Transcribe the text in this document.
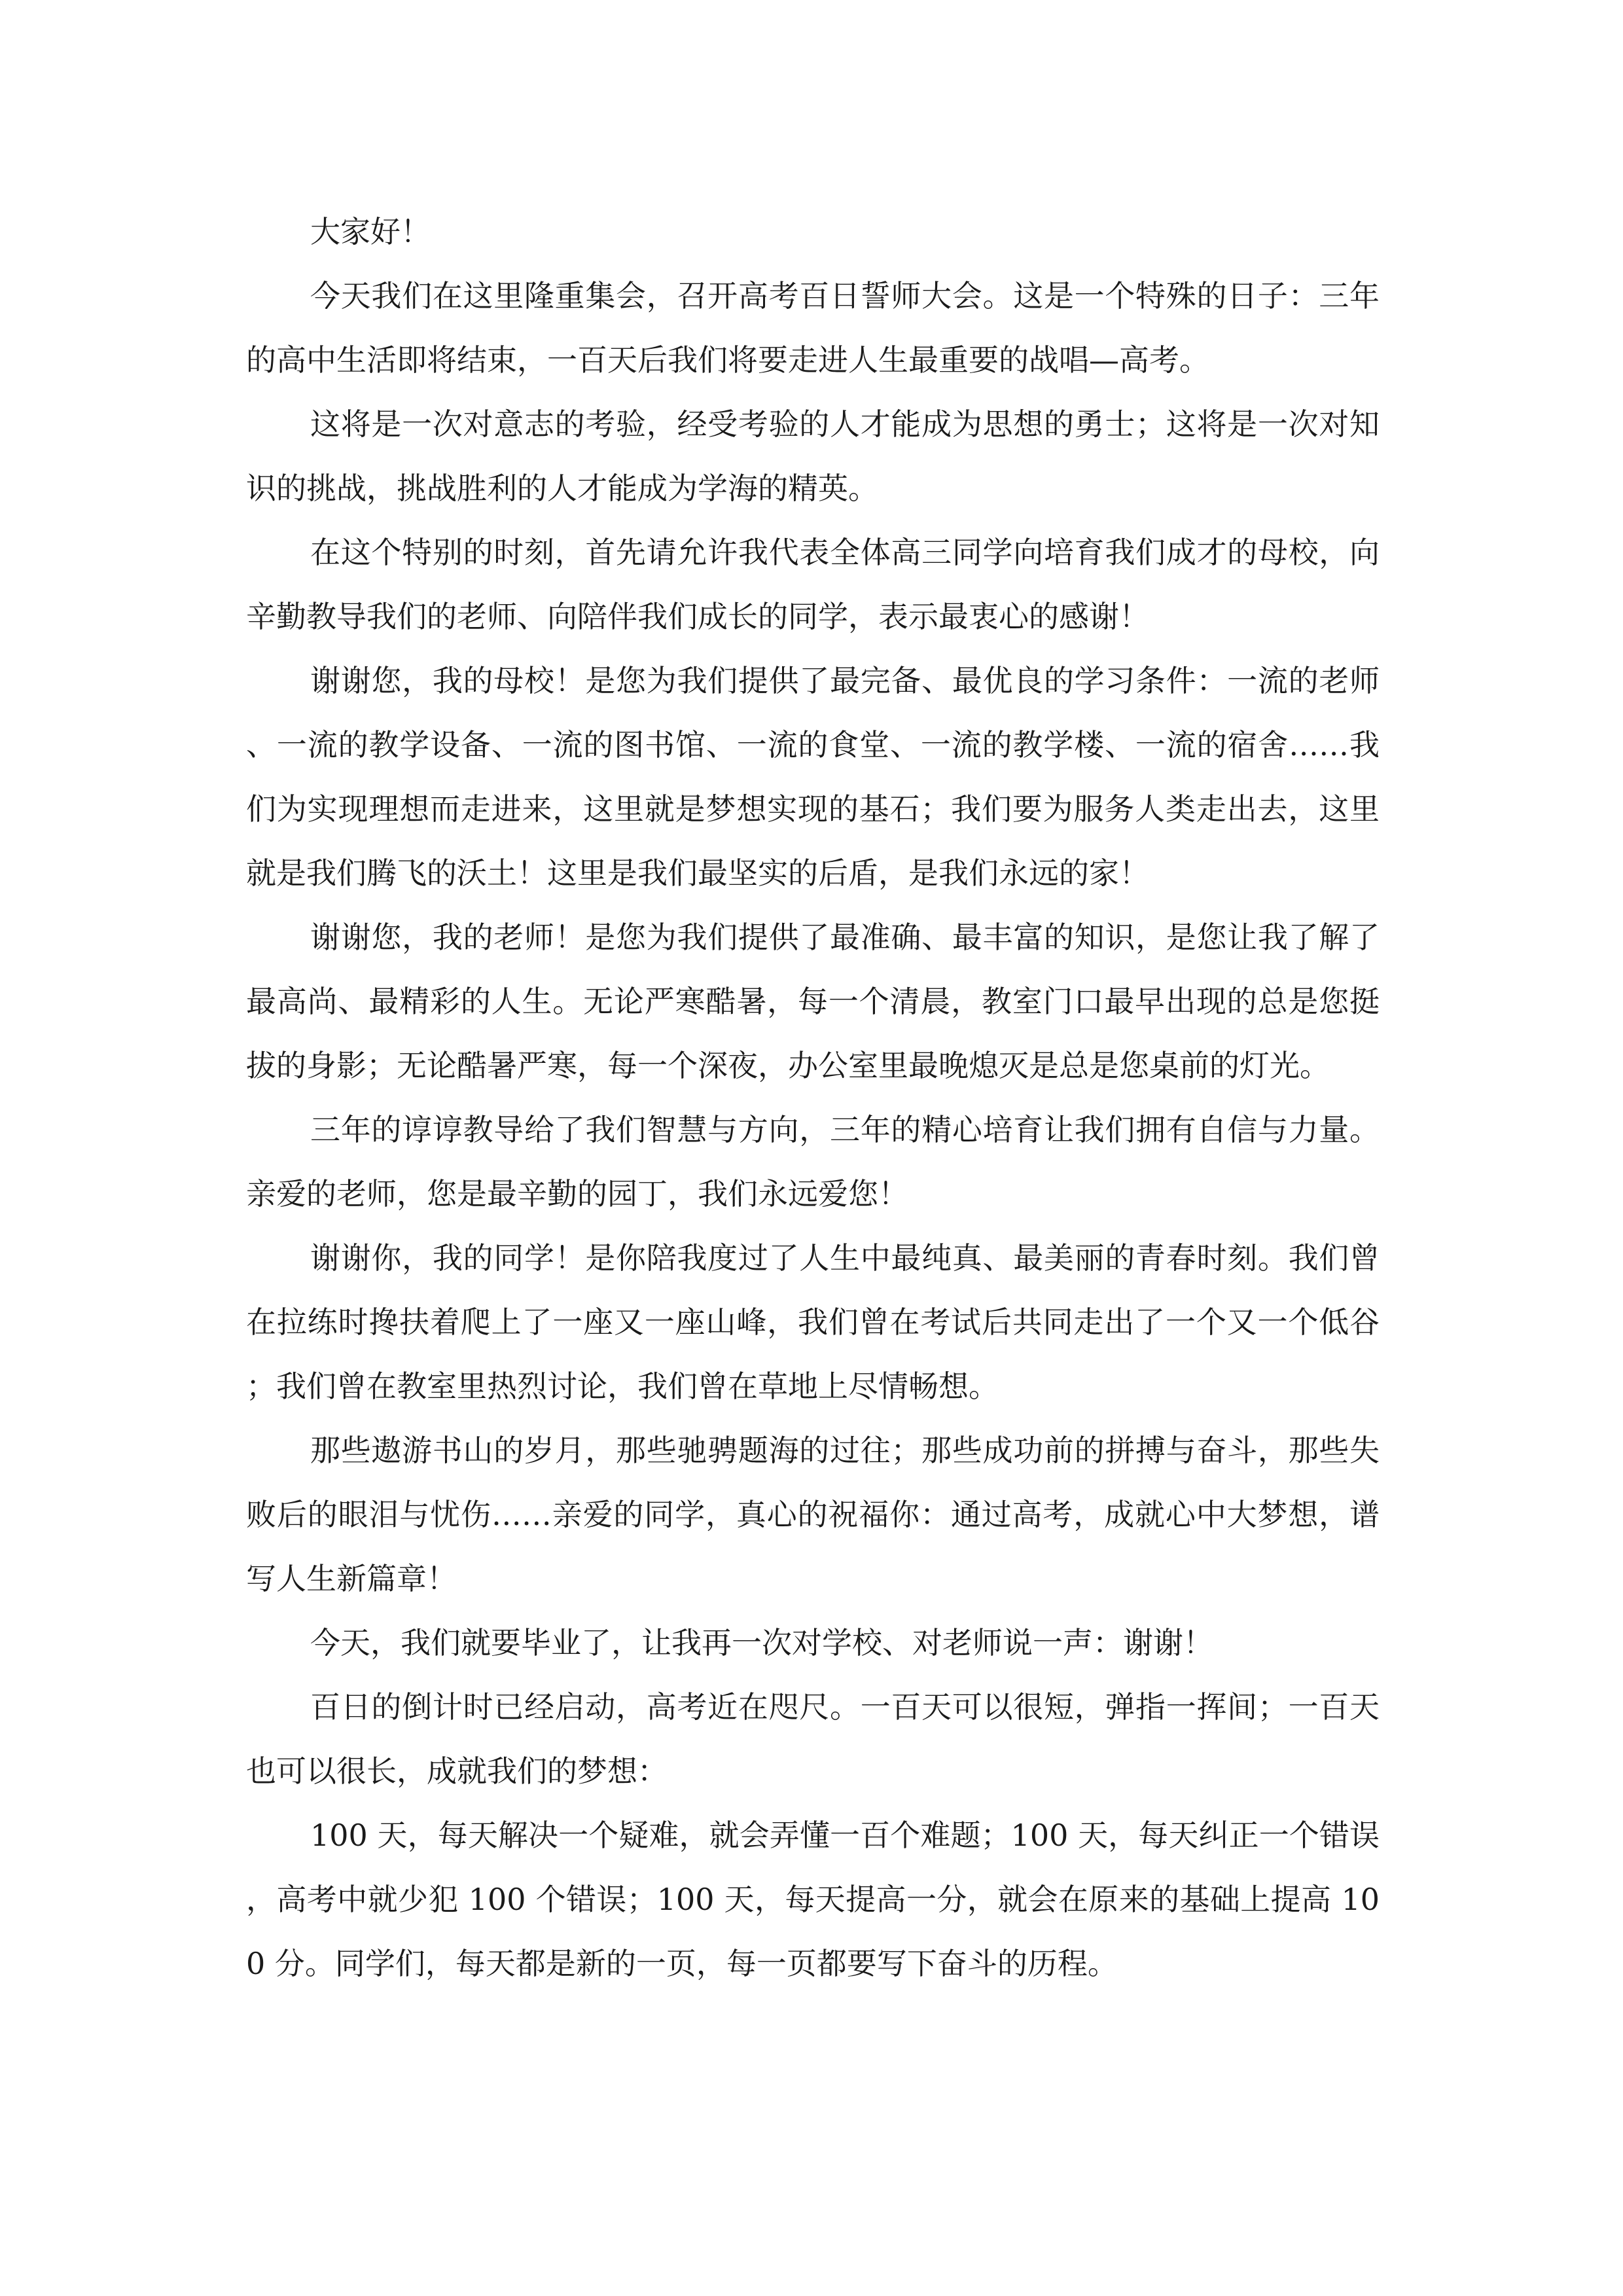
大家好！

今天我们在这里隆重集会，召开高考百日誓师大会。这是一个特殊的日子：三年的高中生活即将结束，一百天后我们将要走进人生最重要的战唱—高考。

这将是一次对意志的考验，经受考验的人才能成为思想的勇士；这将是一次对知识的挑战，挑战胜利的人才能成为学海的精英。

在这个特别的时刻，首先请允许我代表全体高三同学向培育我们成才的母校，向辛勤教导我们的老师、向陪伴我们成长的同学，表示最衷心的感谢！

谢谢您，我的母校！是您为我们提供了最完备、最优良的学习条件：一流的老师、一流的教学设备、一流的图书馆、一流的食堂、一流的教学楼、一流的宿舍……我们为实现理想而走进来，这里就是梦想实现的基石；我们要为服务人类走出去，这里就是我们腾飞的沃土！这里是我们最坚实的后盾，是我们永远的家！

谢谢您，我的老师！是您为我们提供了最准确、最丰富的知识，是您让我了解了最高尚、最精彩的人生。无论严寒酷暑，每一个清晨，教室门口最早出现的总是您挺拔的身影；无论酷暑严寒，每一个深夜，办公室里最晚熄灭是总是您桌前的灯光。

三年的谆谆教导给了我们智慧与方向，三年的精心培育让我们拥有自信与力量。亲爱的老师，您是最辛勤的园丁，我们永远爱您！

谢谢你，我的同学！是你陪我度过了人生中最纯真、最美丽的青春时刻。我们曾在拉练时搀扶着爬上了一座又一座山峰，我们曾在考试后共同走出了一个又一个低谷；我们曾在教室里热烈讨论，我们曾在草地上尽情畅想。

那些遨游书山的岁月，那些驰骋题海的过往；那些成功前的拼搏与奋斗，那些失败后的眼泪与忧伤……亲爱的同学，真心的祝福你：通过高考，成就心中大梦想，谱写人生新篇章！

今天，我们就要毕业了，让我再一次对学校、对老师说一声：谢谢！

百日的倒计时已经启动，高考近在咫尺。一百天可以很短，弹指一挥间；一百天也可以很长，成就我们的梦想：

100 天，每天解决一个疑难，就会弄懂一百个难题；100 天，每天纠正一个错误，高考中就少犯 100 个错误；100 天，每天提高一分，就会在原来的基础上提高 100 分。同学们，每天都是新的一页，每一页都要写下奋斗的历程。
